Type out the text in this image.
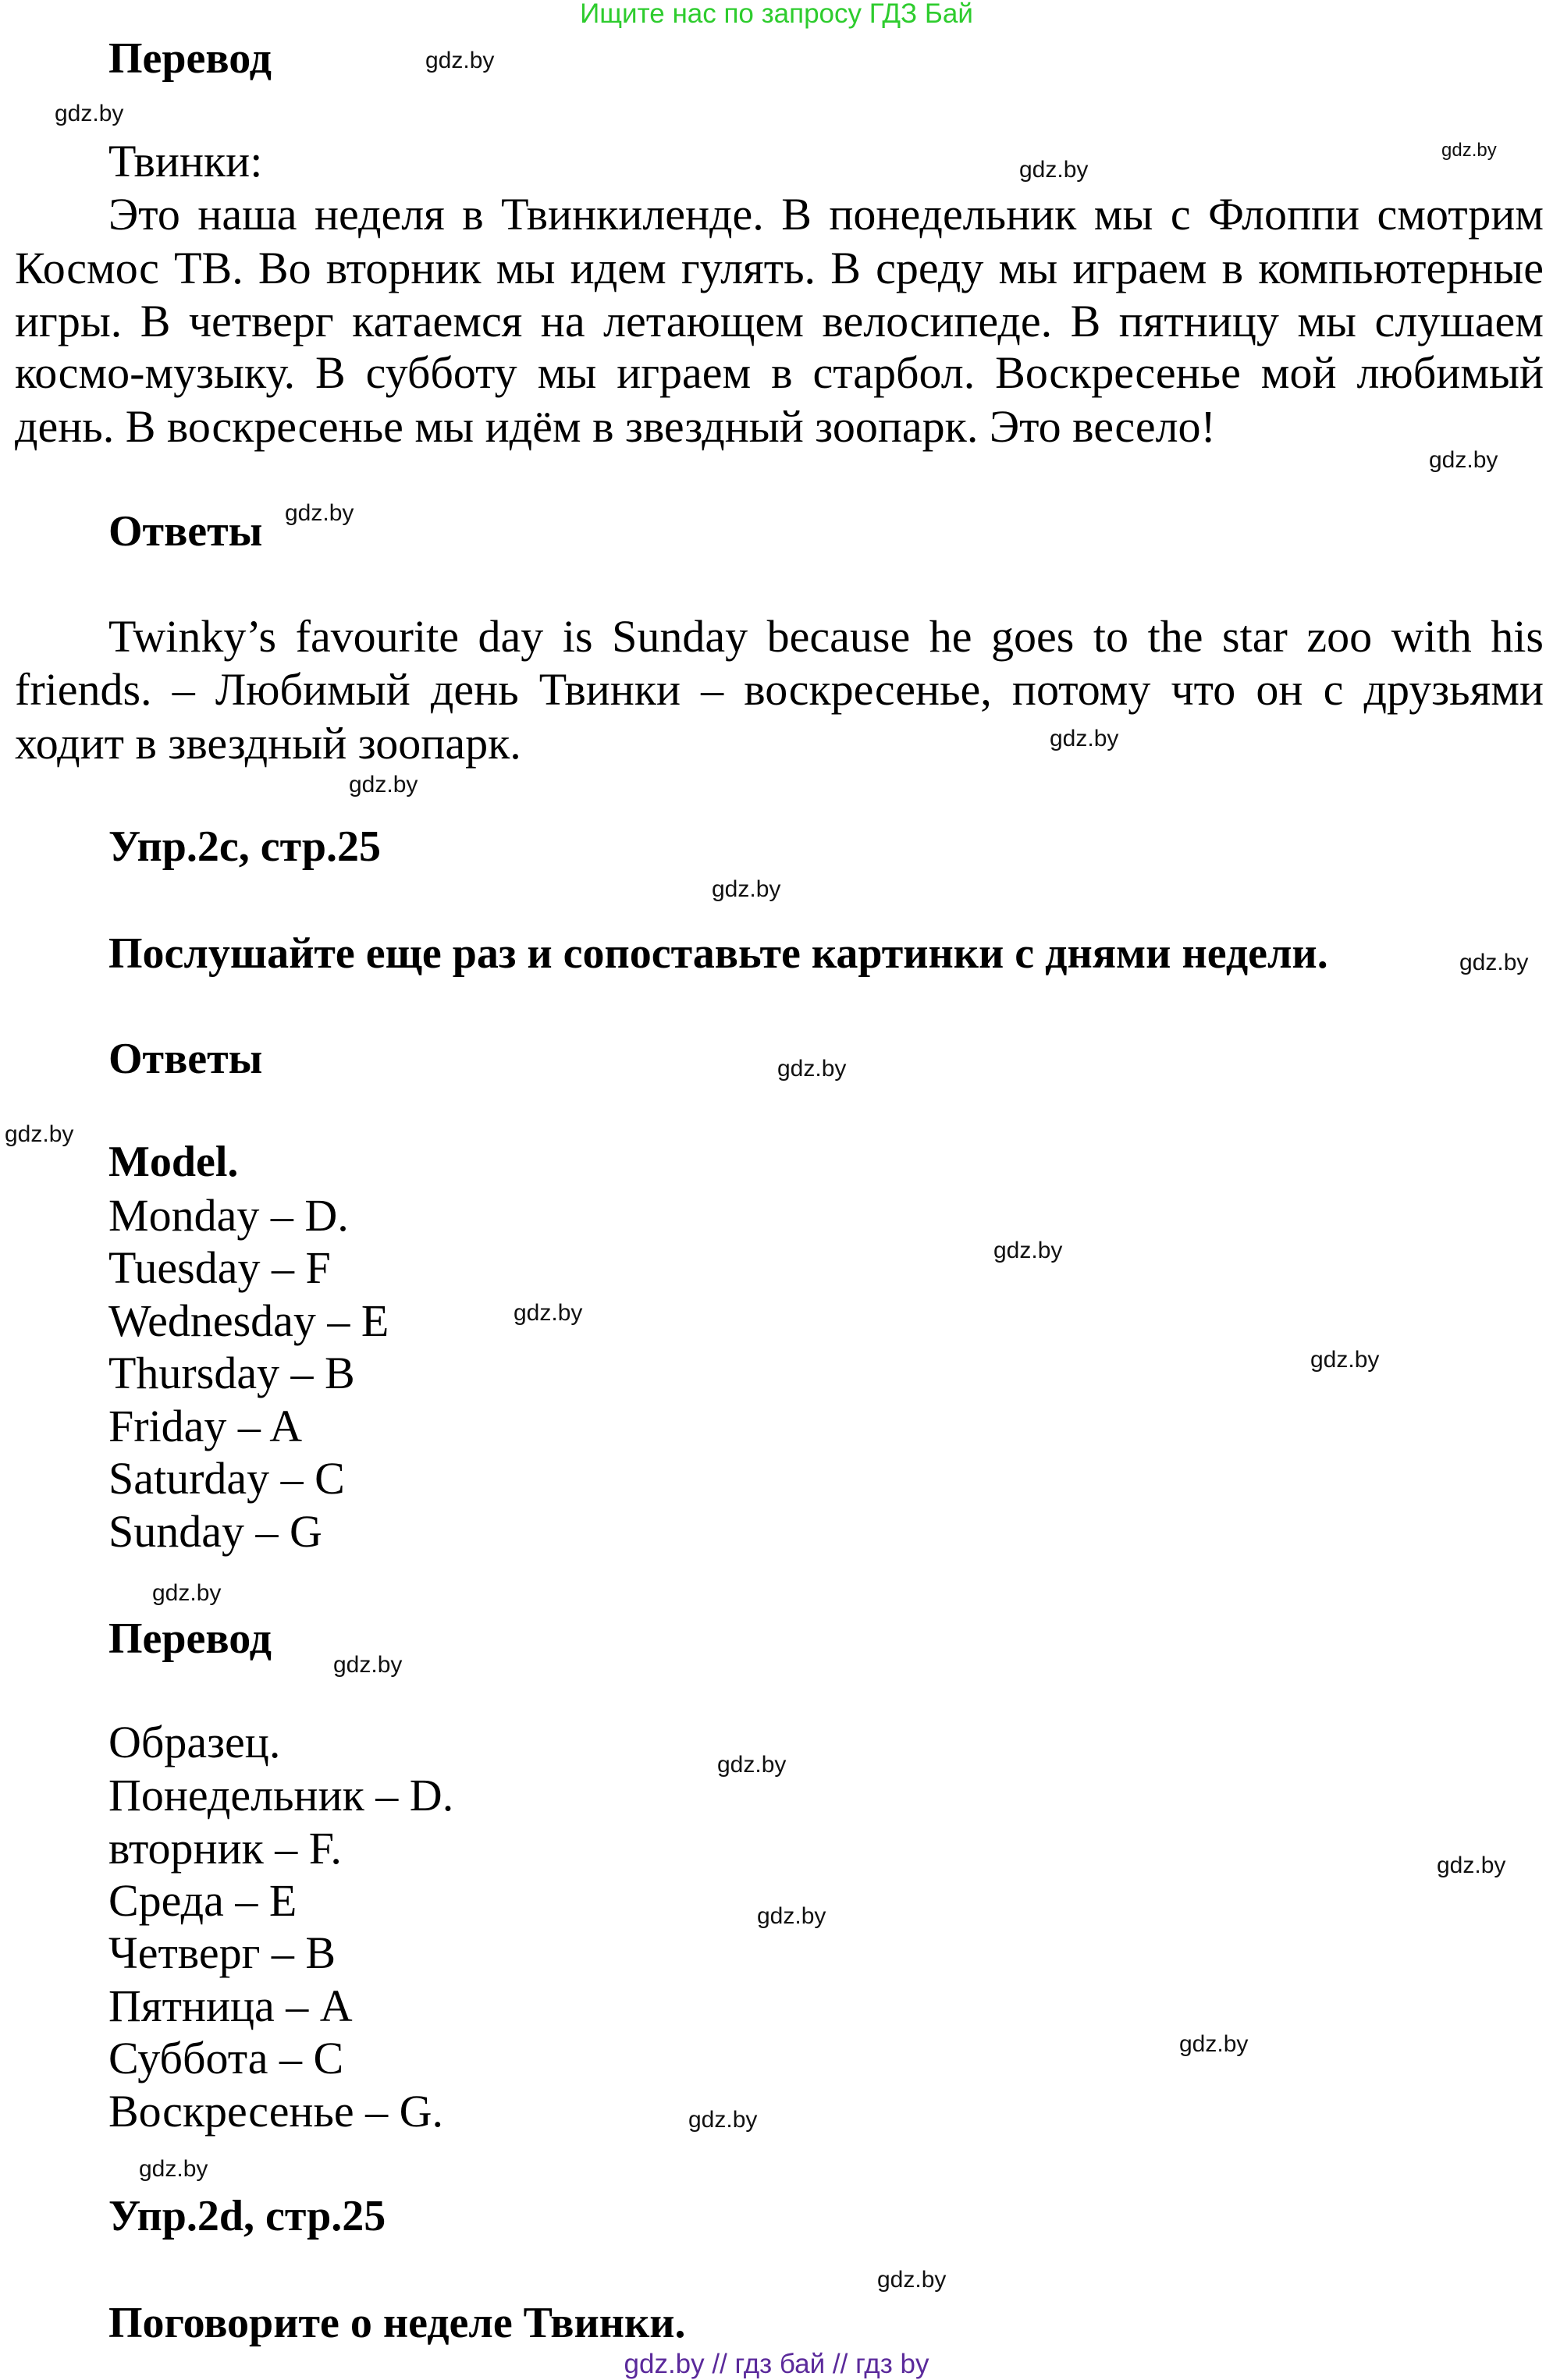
Ищите нас по запросу ГДЗ Бай
Перевод
Твинки:
Это наша неделя в Твинкиленде. В понедельник мы с Флоппи смотрим
Космос ТВ. Во вторник мы идем гулять. В среду мы играем в компьютерные
игры. В четверг катаемся на летающем велосипеде. В пятницу мы слушаем
космо-музыку. В субботу мы играем в старбол. Воскресенье мой любимый
день. В воскресенье мы идём в звездный зоопарк. Это весело!
Ответы
Twinky’s favourite day is Sunday because he goes to the star zoo with his
friends. – Любимый день Твинки – воскресенье, потому что он с друзьями
ходит в звездный зоопарк.
Упр.2c, стр.25
Послушайте еще раз и сопоставьте картинки с днями недели.
Ответы
Model.
Monday – D.
Tuesday – F
Wednesday – E
Thursday – B
Friday – A
Saturday – C
Sunday – G
Перевод
Образец.
Понедельник – D.
вторник – F.
Среда – E
Четверг – B
Пятница – A
Суббота – C
Воскресенье – G.
Упр.2d, стр.25
Поговорите о неделе Твинки.
gdz.by
gdz.by
gdz.by
gdz.by
gdz.by
gdz.by
gdz.by
gdz.by
gdz.by
gdz.by
gdz.by
gdz.by
gdz.by
gdz.by
gdz.by
gdz.by
gdz.by
gdz.by
gdz.by
gdz.by
gdz.by
gdz.by
gdz.by
gdz.by
gdz.by // гдз бай // гдз by
